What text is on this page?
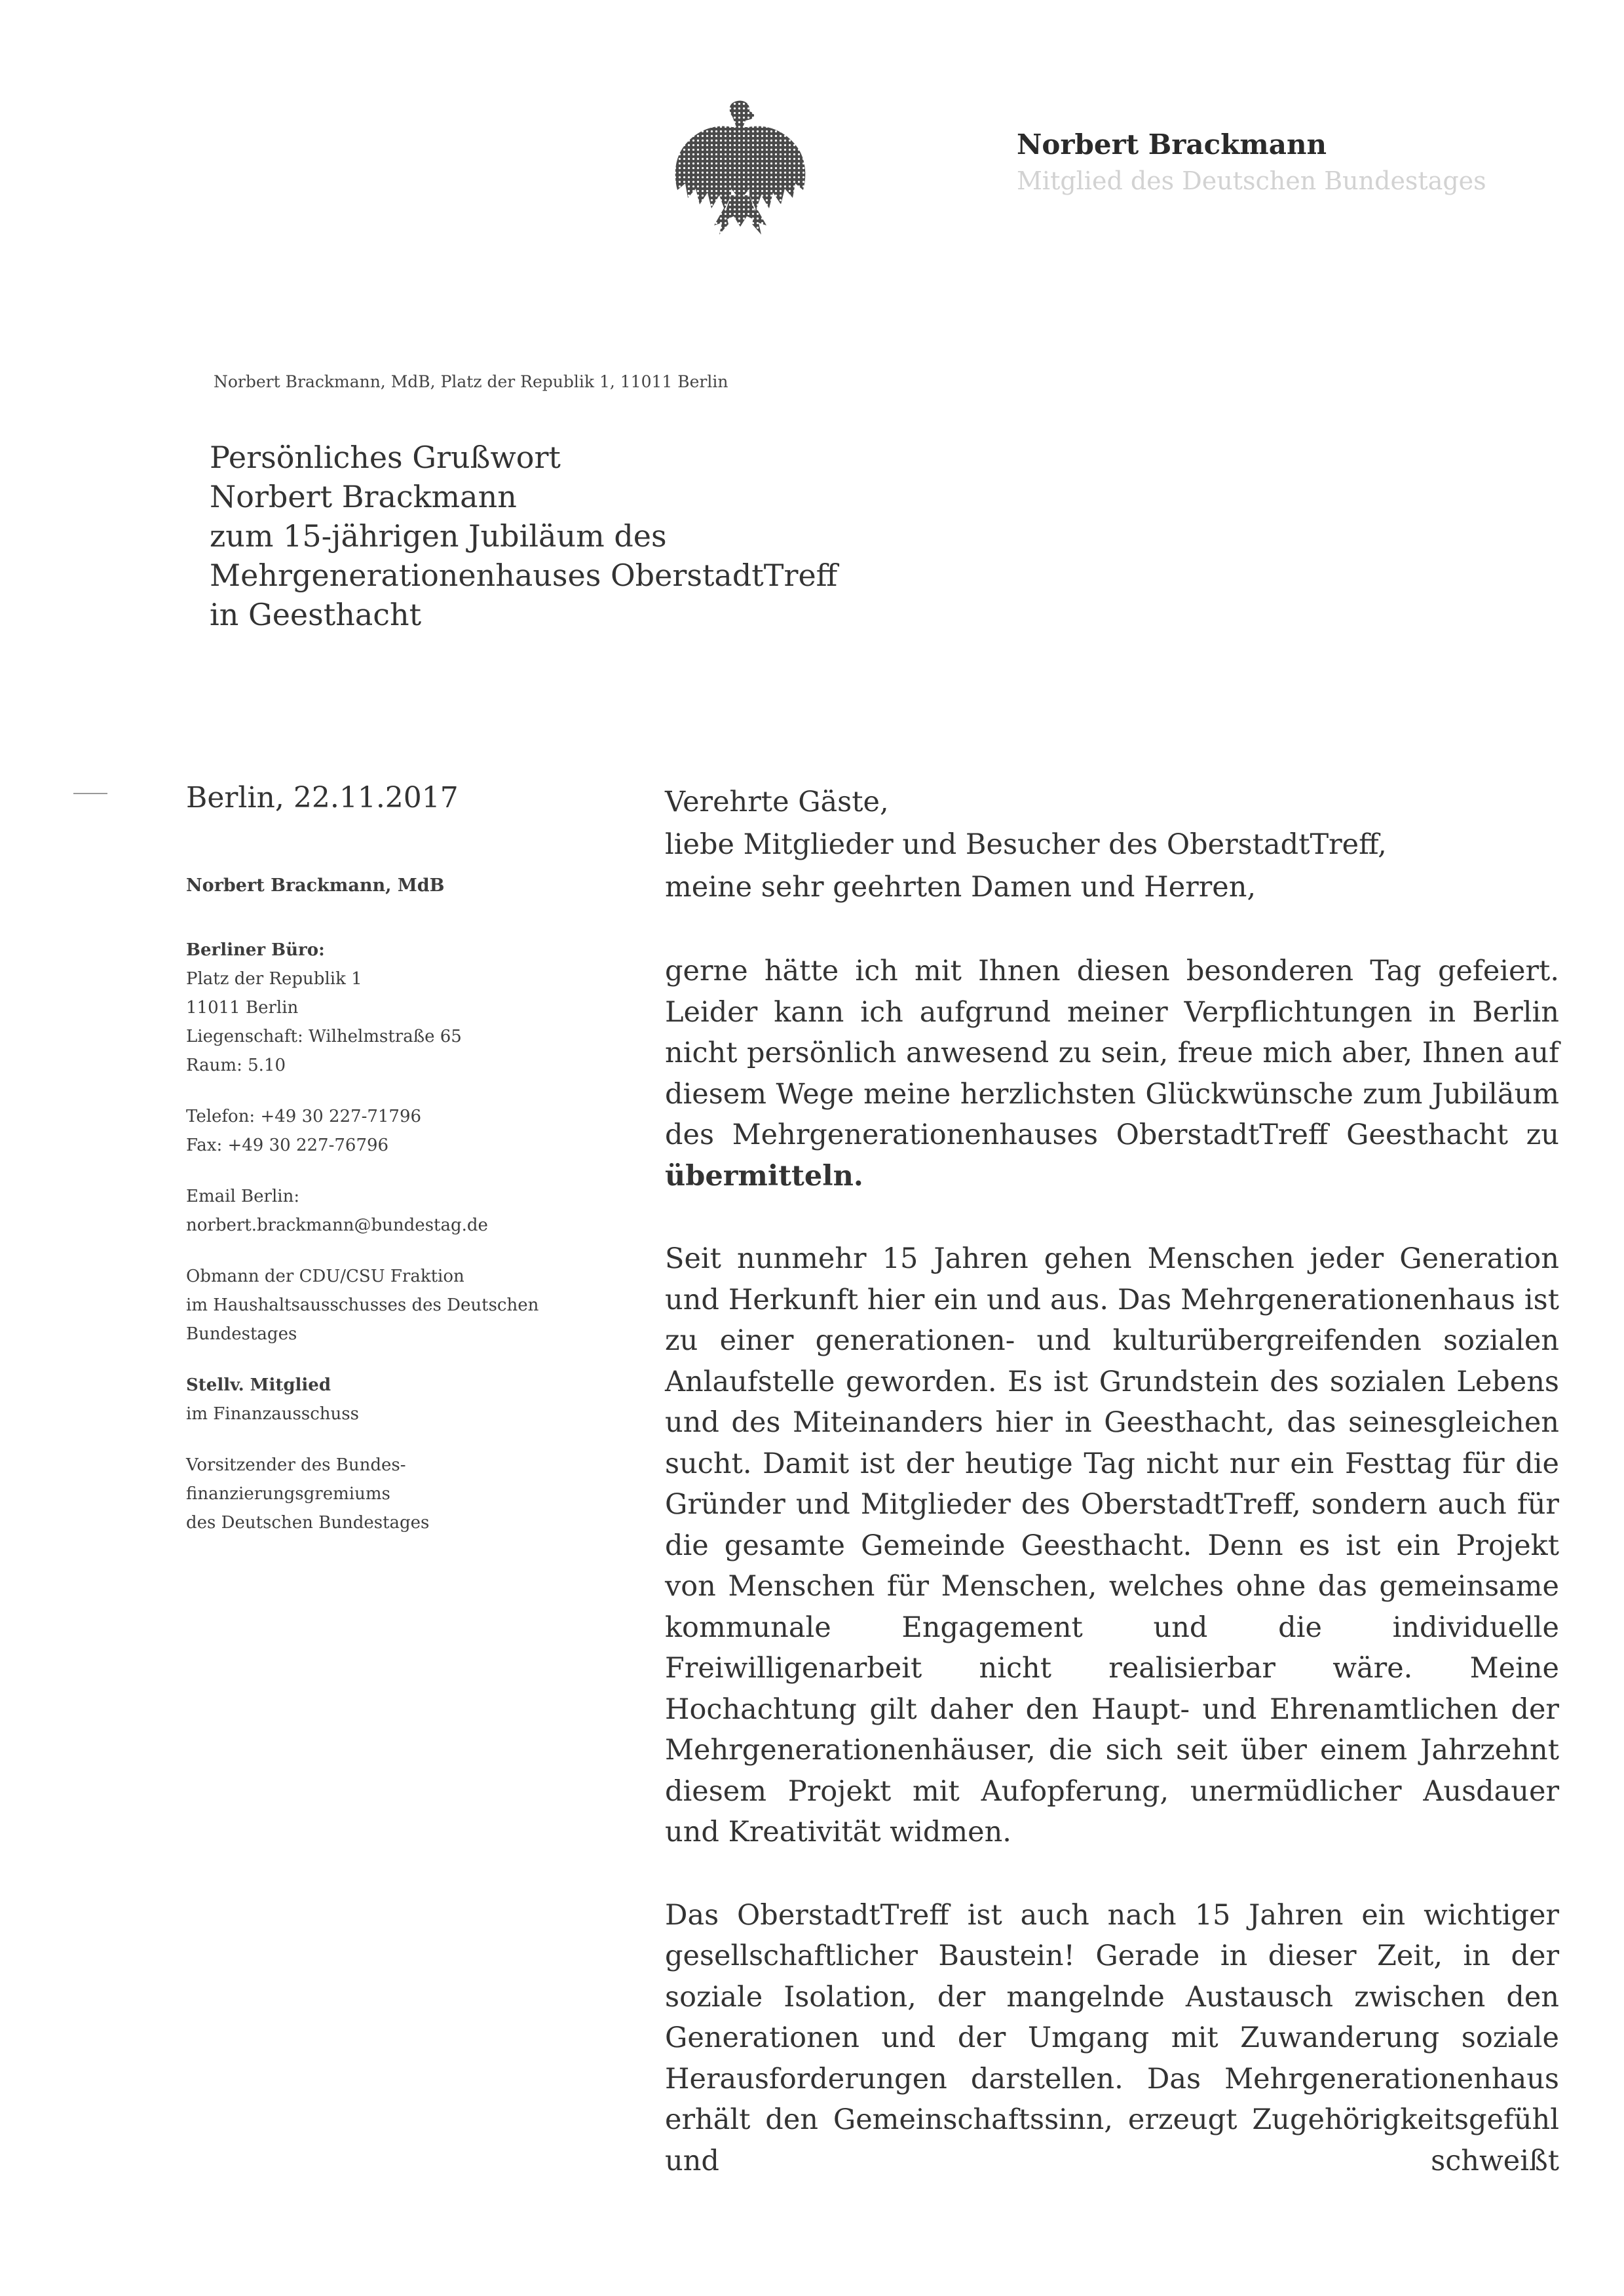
Norbert Brackmann
Mitglied des Deutschen Bundestages
Norbert Brackmann, MdB, Platz der Republik 1, 11011 Berlin
Persönliches Grußwort
Norbert Brackmann
zum 15-jährigen Jubiläum des
Mehrgenerationenhauses OberstadtTreff
in Geesthacht
Berlin, 22.11.2017
Norbert Brackmann, MdB
Berliner Büro:
Platz der Republik 1
11011 Berlin
Liegenschaft: Wilhelmstraße 65
Raum: 5.10
Telefon: +49 30 227-71796
Fax: +49 30 227-76796
Email Berlin:
norbert.brackmann@bundestag.de
Obmann der CDU/CSU Fraktion
im Haushaltsausschusses des Deutschen
Bundestages
Stellv. Mitglied
im Finanzausschuss
Vorsitzender des Bundes-
finanzierungsgremiums
des Deutschen Bundestages
Verehrte Gäste,
liebe Mitglieder und Besucher des OberstadtTreff,
meine sehr geehrten Damen und Herren,
gerne hätte ich mit Ihnen diesen besonderen Tag gefeiert. Leider kann ich aufgrund meiner Verpflichtungen in Berlin nicht persönlich anwesend zu sein, freue mich aber, Ihnen auf diesem Wege meine herzlichsten Glückwünsche zum Jubiläum des Mehrgenerationenhauses OberstadtTreff Geesthacht zu übermitteln.
Seit nunmehr 15 Jahren gehen Menschen jeder Generation und Herkunft hier ein und aus. Das Mehrgenerationenhaus ist zu einer generationen- und kulturübergreifenden sozialen Anlaufstelle geworden. Es ist Grundstein des sozialen Lebens und des Miteinanders hier in Geesthacht, das seinesgleichen sucht. Damit ist der heutige Tag nicht nur ein Festtag für die Gründer und Mitglieder des OberstadtTreff, sondern auch für die gesamte Gemeinde Geesthacht. Denn es ist ein Projekt von Menschen für Menschen, welches ohne das gemeinsame kommunale Engagement und die individuelle Freiwilligenarbeit nicht realisierbar wäre. Meine Hochachtung gilt daher den Haupt- und Ehrenamtlichen der Mehrgenerationenhäuser, die sich seit über einem Jahrzehnt diesem Projekt mit Aufopferung, unermüdlicher Ausdauer und Kreativität widmen.
Das OberstadtTreff ist auch nach 15 Jahren ein wichtiger gesellschaftlicher Baustein! Gerade in dieser Zeit, in der soziale Isolation, der mangelnde Austausch zwischen den Generationen und der Umgang mit Zuwanderung soziale Herausforderungen darstellen. Das Mehrgenerationenhaus erhält den Gemeinschaftssinn, erzeugt Zugehörigkeitsgefühl und schweißt
